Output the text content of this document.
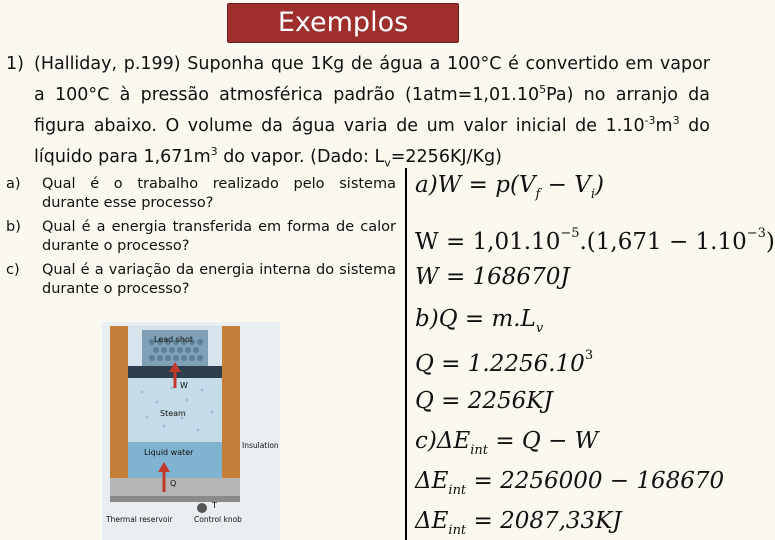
Exemplos
1) (Halliday, p.199) Suponha que 1Kg de água a 100°C é convertido em vapor a 100°C à pressão atmosférica padrão $(1atm=1,01.10^5Pa)$ no arranjo da figura abaixo. O volume da água varia de um valor inicial de $1.10^{-3}m^3$ do líquido para $1,671m^3$ do vapor. (Dado: $L_v=2256KJ/Kg$)
a) Qual é o trabalho realizado pelo sistema durante esse processo?
b) Qual é a energia transferida em forma de calor durante o processo?
c) Qual é a variação da energia interna do sistema durante o processo?
$a)W = p(V_f - V_i)$
$W = 1,01.10^{-5}.(1,671 - 1.10^{-3})$
W = 168670J
$b)Q = m.L_v$
$Q = 1.2256.10^3$
Q = 2256KJ
$c)\Delta E_{int} = Q - W$
$\Delta E_{int} = 2256000 - 168670$
$\Delta E_{int} = 2087,33KJ$
Lead shot
W
Steam
Insulation
Liquid water
Q
Thermal reservoir	Control knob
T
